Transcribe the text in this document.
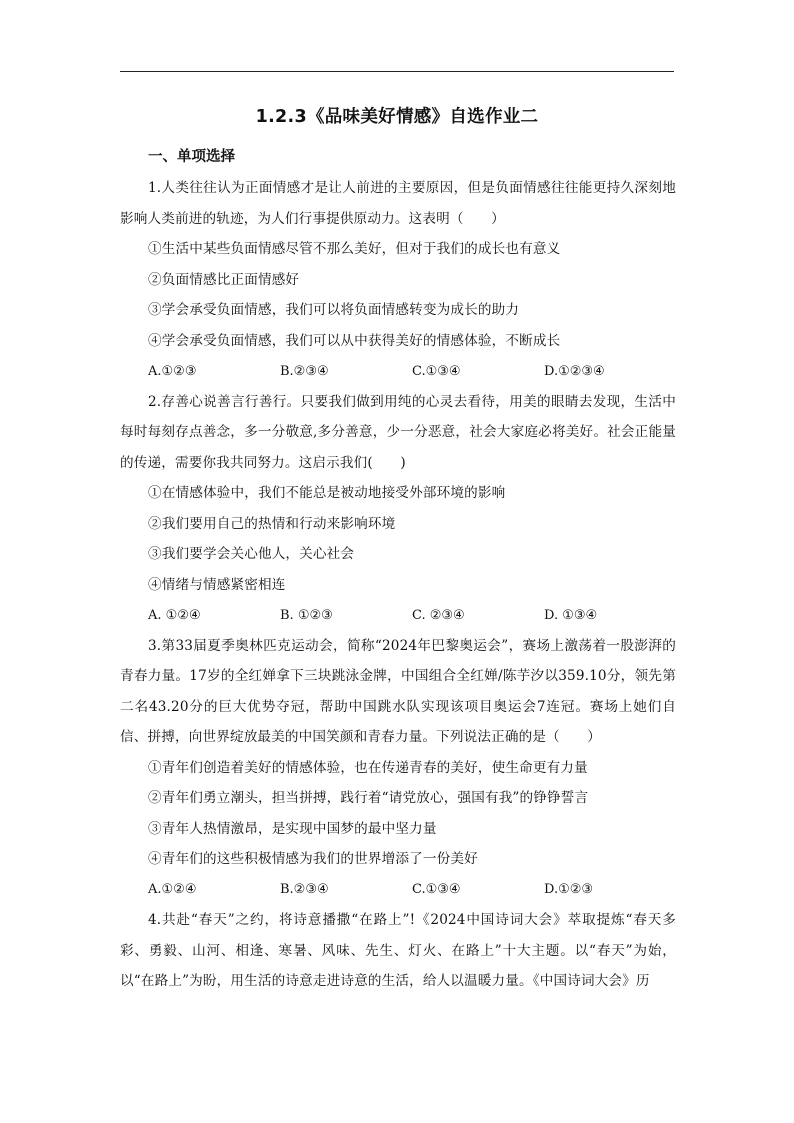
1.2.3《品味美好情感》自选作业二
一、单项选择

1.人类往往认为正面情感才是让人前进的主要原因，但是负面情感往往能更持久深刻地影响人类前进的轨迹，为人们行事提供原动力。这表明（　　）

①生活中某些负面情感尽管不那么美好，但对于我们的成长也有意义

②负面情感比正面情感好

③学会承受负面情感，我们可以将负面情感转变为成长的助力

④学会承受负面情感，我们可以从中获得美好的情感体验，不断成长

A.①②③	B.②③④	C.①③④	D.①②③④

2.存善心说善言行善行。只要我们做到用纯的心灵去看待，用美的眼睛去发现，生活中每时每刻存点善念，多一分敬意,多分善意，少一分恶意，社会大家庭必将美好。社会正能量的传递，需要你我共同努力。这启示我们(　　)

①在情感体验中，我们不能总是被动地接受外部环境的影响

②我们要用自己的热情和行动来影响环境

③我们要学会关心他人，关心社会

④情绪与情感紧密相连

A. ①②④	B. ①②③	C. ②③④	D. ①③④

3.第33届夏季奥林匹克运动会，简称“2024年巴黎奥运会”，赛场上激荡着一股澎湃的青春力量。17岁的全红婵拿下三块跳泳金牌，中国组合全红婵/陈芋汐以359.10分，领先第二名43.20分的巨大优势夺冠，帮助中国跳水队实现该项目奥运会7连冠。赛场上她们自信、拼搏，向世界绽放最美的中国笑颜和青春力量。下列说法正确的是（　　）

①青年们创造着美好的情感体验，也在传递青春的美好，使生命更有力量

②青年们勇立潮头，担当拼搏，践行着“请党放心，强国有我”的铮铮誓言

③青年人热情激昂，是实现中国梦的最中坚力量

④青年们的这些积极情感为我们的世界增添了一份美好

A.①②④	B.②③④	C.①③④	D.①②③

4.共赴“春天”之约，将诗意播撒“在路上”!《2024中国诗词大会》萃取提炼“春天多彩、勇毅、山河、相逢、寒暑、风味、先生、灯火、在路上”十大主题。以“春天”为始，以“在路上”为盼，用生活的诗意走进诗意的生活，给人以温暖力量。《中国诗词大会》历
